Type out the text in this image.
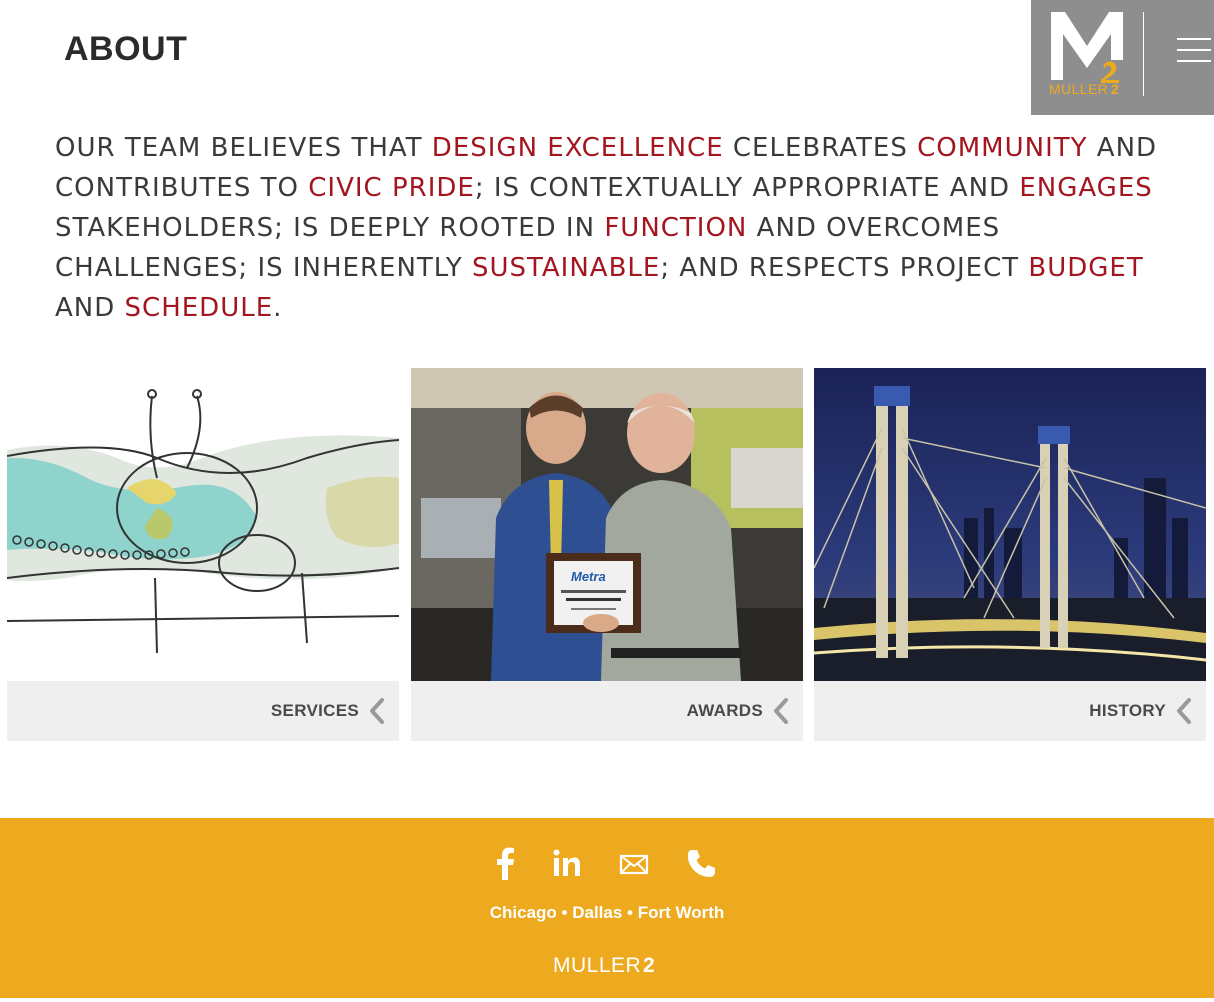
ABOUT
MULLER 2

OUR TEAM BELIEVES THAT DESIGN EXCELLENCE CELEBRATES COMMUNITY AND CONTRIBUTES TO CIVIC PRIDE; IS CONTEXTUALLY APPROPRIATE AND ENGAGES STAKEHOLDERS; IS DEEPLY ROOTED IN FUNCTION AND OVERCOMES CHALLENGES; IS INHERENTLY SUSTAINABLE; AND RESPECTS PROJECT BUDGET AND SCHEDULE.

SERVICES
Metra
AWARDS	HISTORY
Chicago • Dallas • Fort Worth
MULLER 2
